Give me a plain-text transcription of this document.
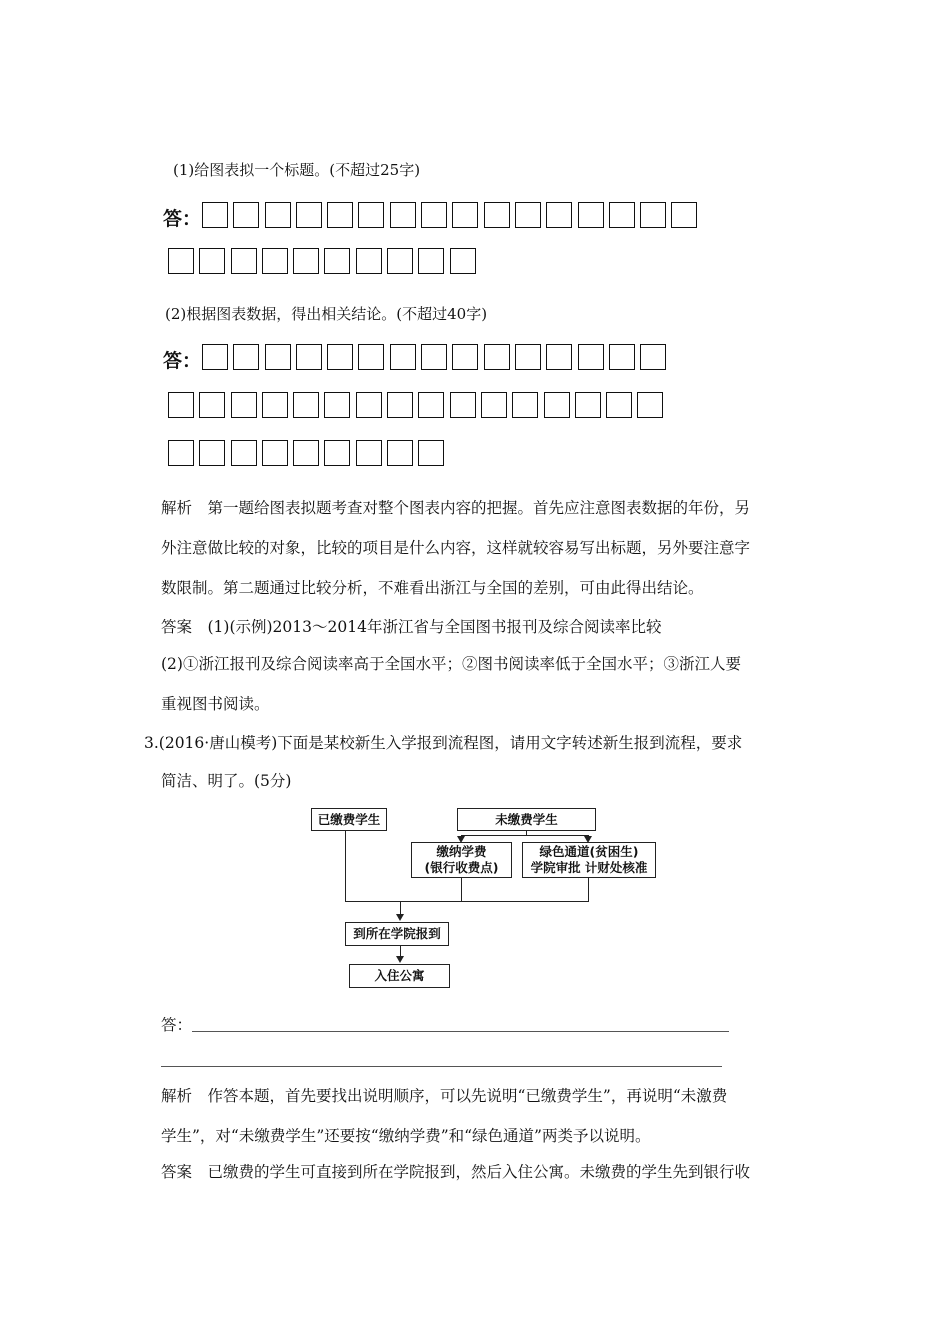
(1)给图表拟一个标题。(不超过25字)
答：
(2)根据图表数据，得出相关结论。(不超过40字)
答：
解析　第一题给图表拟题考查对整个图表内容的把握。首先应注意图表数据的年份，另
外注意做比较的对象，比较的项目是什么内容，这样就较容易写出标题，另外要注意字
数限制。第二题通过比较分析，不难看出浙江与全国的差别，可由此得出结论。
答案　(1)(示例)2013～2014年浙江省与全国图书报刊及综合阅读率比较
(2)①浙江报刊及综合阅读率高于全国水平；②图书阅读率低于全国水平；③浙江人要
重视图书阅读。
3.(2016·唐山模考)下面是某校新生入学报到流程图，请用文字转述新生报到流程，要求
简洁、明了。(5分)
已缴费学生	未缴费学生
缴纳学费
(银行收费点)
绿色通道(贫困生)
学院审批 计财处核准
到所在学院报到
入住公寓
答：
解析　作答本题，首先要找出说明顺序，可以先说明“已缴费学生”，再说明“未激费
学生”，对“未缴费学生”还要按“缴纳学费”和“绿色通道”两类予以说明。
答案　已缴费的学生可直接到所在学院报到，然后入住公寓。未缴费的学生先到银行收
